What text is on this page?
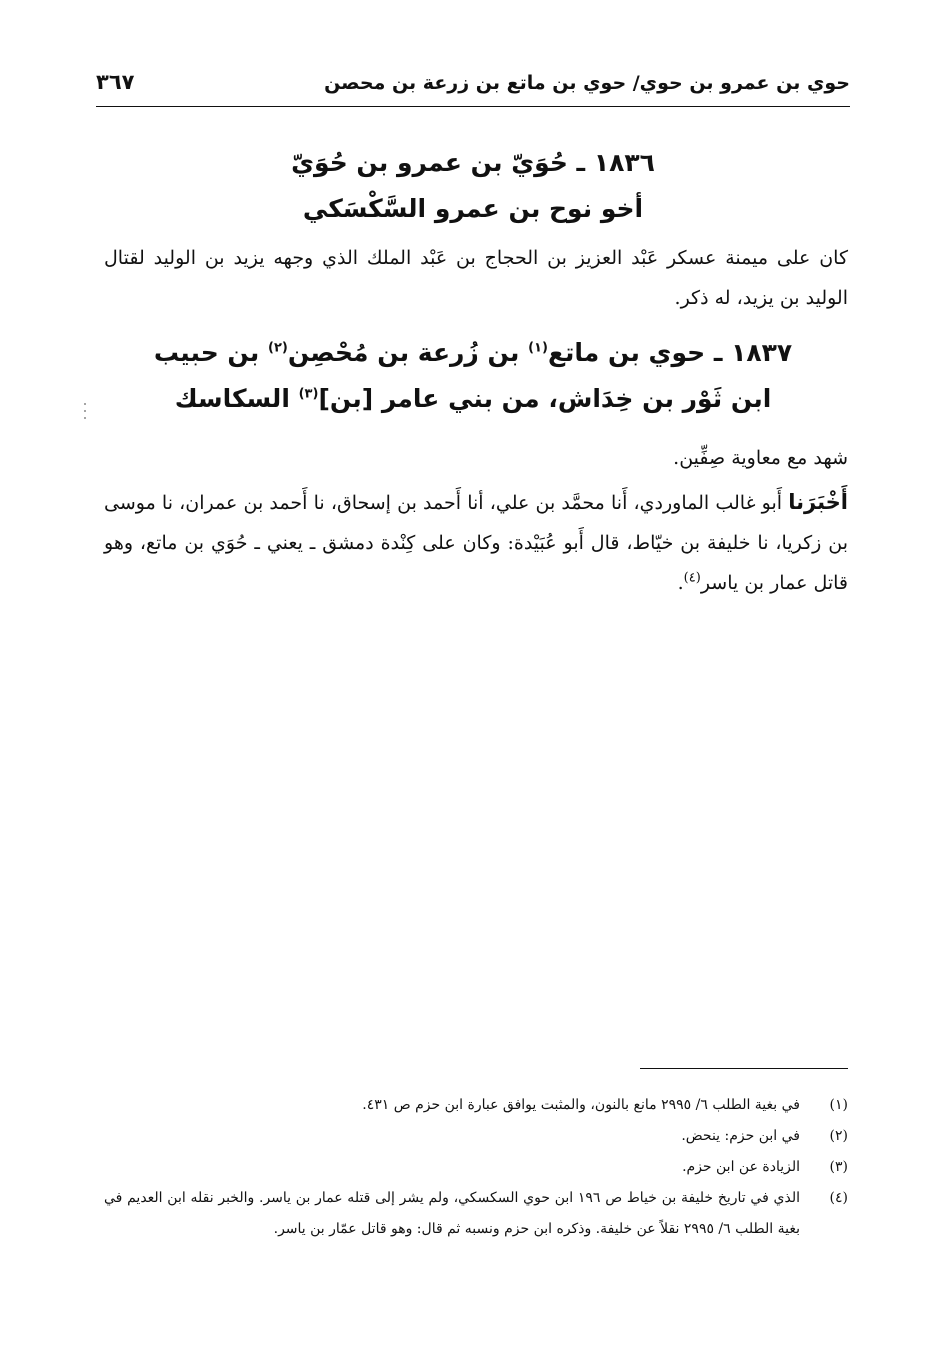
حوي بن عمرو بن حوي/ حوي بن ماتع بن زرعة بن محصن
٣٦٧
١٨٣٦ ـ حُوَيّ بن عمرو بن حُوَيّ
أخو نوح بن عمرو السَّكْسَكي
كان على ميمنة عسكر عَبْد العزيز بن الحجاج بن عَبْد الملك الذي وجهه يزيد بن الوليد لقتال الوليد بن يزيد، له ذكر.
١٨٣٧ ـ حوي بن ماتع$^{(١)}$ بن زُرعة بن مُحْصِن$^{(٢)}$ بن حبيب
ابن ثَوْر بن خِدَاش، من بني عامر [بن]$^{(٣)}$ السكاسك
شهد مع معاوية صِفِّين.
أَخْبَرَنا أَبو غالب الماوردي، أَنا محمَّد بن علي، أنا أَحمد بن إسحاق، نا أَحمد بن عمران، نا موسى بن زكريا، نا خليفة بن خيّاط، قال أَبو عُبَيْدة: وكان على كِنْدة دمشق ـ يعني ـ حُوَي بن ماتع، وهو قاتل عمار بن ياسر$^{(٤)}$.
(١)
في بغية الطلب ٦/ ٢٩٩٥ مانع بالنون، والمثبت يوافق عبارة ابن حزم ص ٤٣١.
(٢)
في ابن حزم: ينحض.
(٣)
الزيادة عن ابن حزم.
(٤)
الذي في تاريخ خليفة بن خياط ص ١٩٦ ابن حوي السكسكي، ولم يشر إلى قتله عمار بن ياسر. والخبر نقله ابن العديم في بغية الطلب ٦/ ٢٩٩٥ نقلاً عن خليفة. وذكره ابن حزم ونسبه ثم قال: وهو قاتل عمّار بن ياسر.
